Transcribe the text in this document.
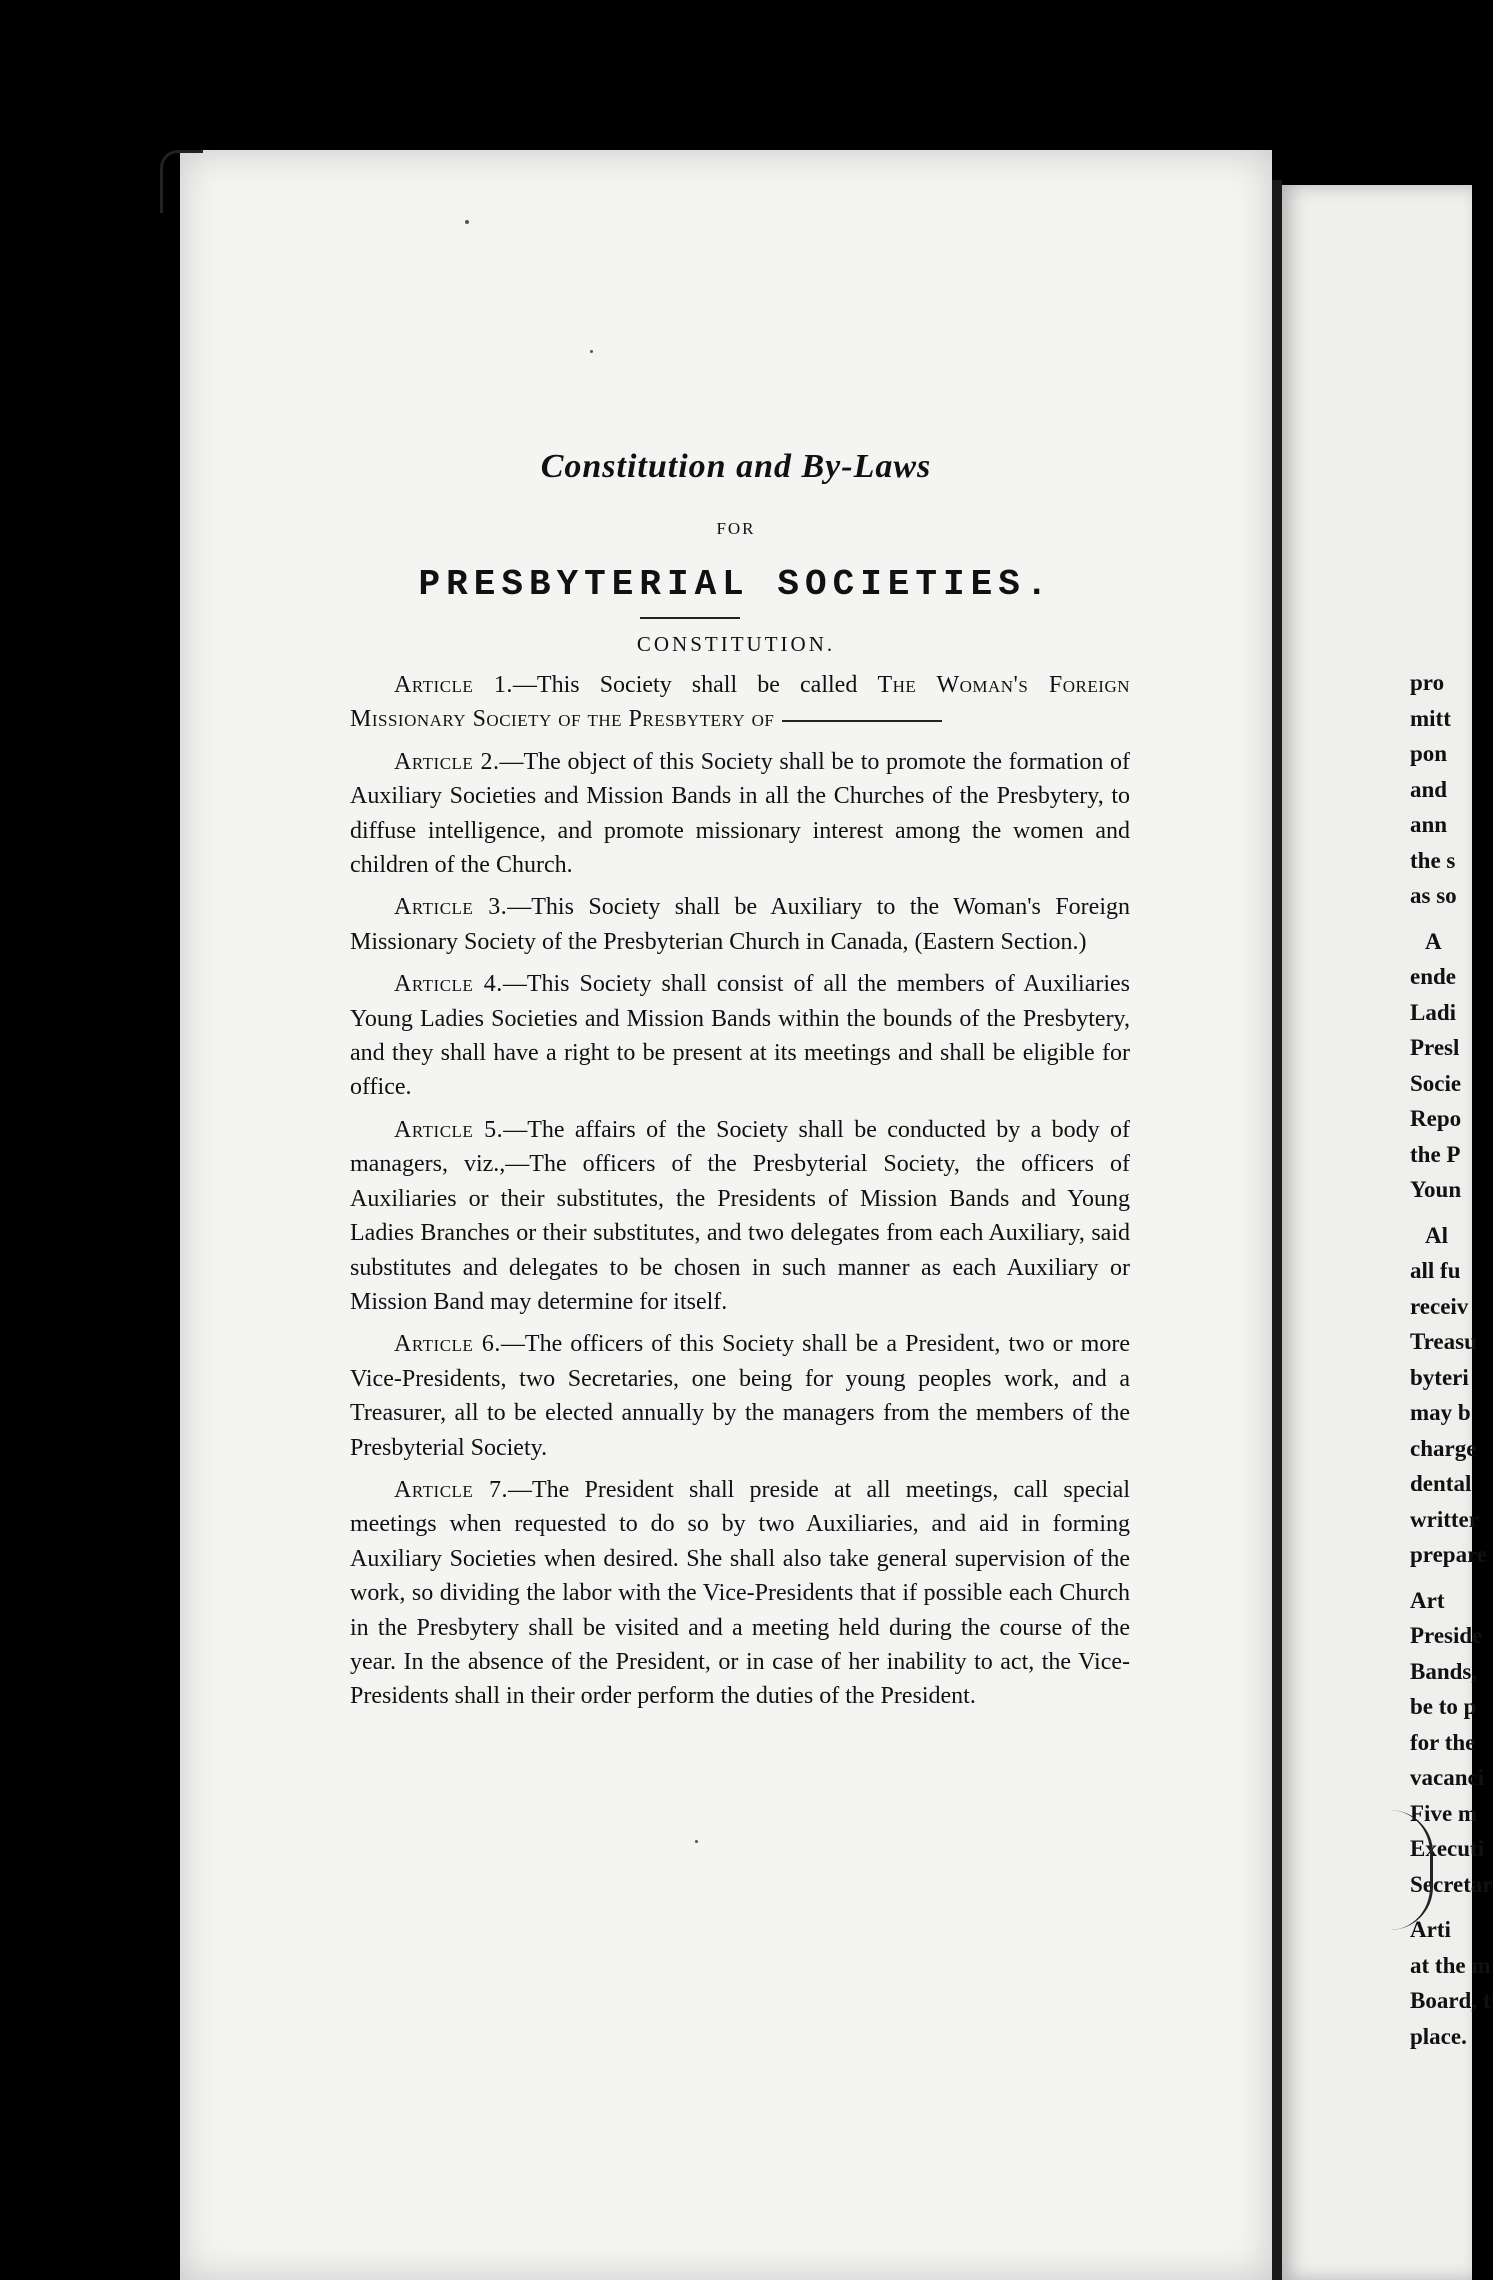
pro
mitt
pon
and
ann
the s
as so
A
ende
Ladi
Presl
Socie
Repo
the P
Youn
Al
all fu
receiv
Treasu
byteri
may b
charge
dental
writter
prepare
Art
Preside
Bands,
be to p
for the
vacanci
Five m
Executi
Secretar
Arti
at the m
Board, t
place.
Constitution and By-Laws
FOR
PRESBYTERIAL SOCIETIES.
CONSTITUTION.

Article 1.—This Society shall be called The Woman's Foreign Missionary Society of the Presbytery of

Article 2.—The object of this Society shall be to promote the formation of Auxiliary Societies and Mission Bands in all the Churches of the Presbytery, to diffuse intelligence, and promote missionary interest among the women and children of the Church.

Article 3.—This Society shall be Auxiliary to the Woman's Foreign Missionary Society of the Presbyterian Church in Canada, (Eastern Section.)

Article 4.—This Society shall consist of all the members of Auxiliaries Young Ladies Societies and Mission Bands within the bounds of the Presbytery, and they shall have a right to be present at its meetings and shall be eligible for office.

Article 5.—The affairs of the Society shall be conducted by a body of managers, viz.,—The officers of the Presbyterial Society, the officers of Auxiliaries or their substitutes, the Presidents of Mission Bands and Young Ladies Branches or their substitutes, and two delegates from each Auxiliary, said substitutes and delegates to be chosen in such manner as each Auxiliary or Mission Band may determine for itself.

Article 6.—The officers of this Society shall be a President, two or more Vice-Presidents, two Secretaries, one being for young peoples work, and a Treasurer, all to be elected annually by the managers from the members of the Presbyterial Society.

Article 7.—The President shall preside at all meetings, call special meetings when requested to do so by two Auxiliaries, and aid in forming Auxiliary Societies when desired. She shall also take general supervision of the work, so dividing the labor with the Vice-Presidents that if possible each Church in the Presbytery shall be visited and a meeting held during the course of the year. In the absence of the President, or in case of her inability to act, the Vice-Presidents shall in their order perform the duties of the President.
